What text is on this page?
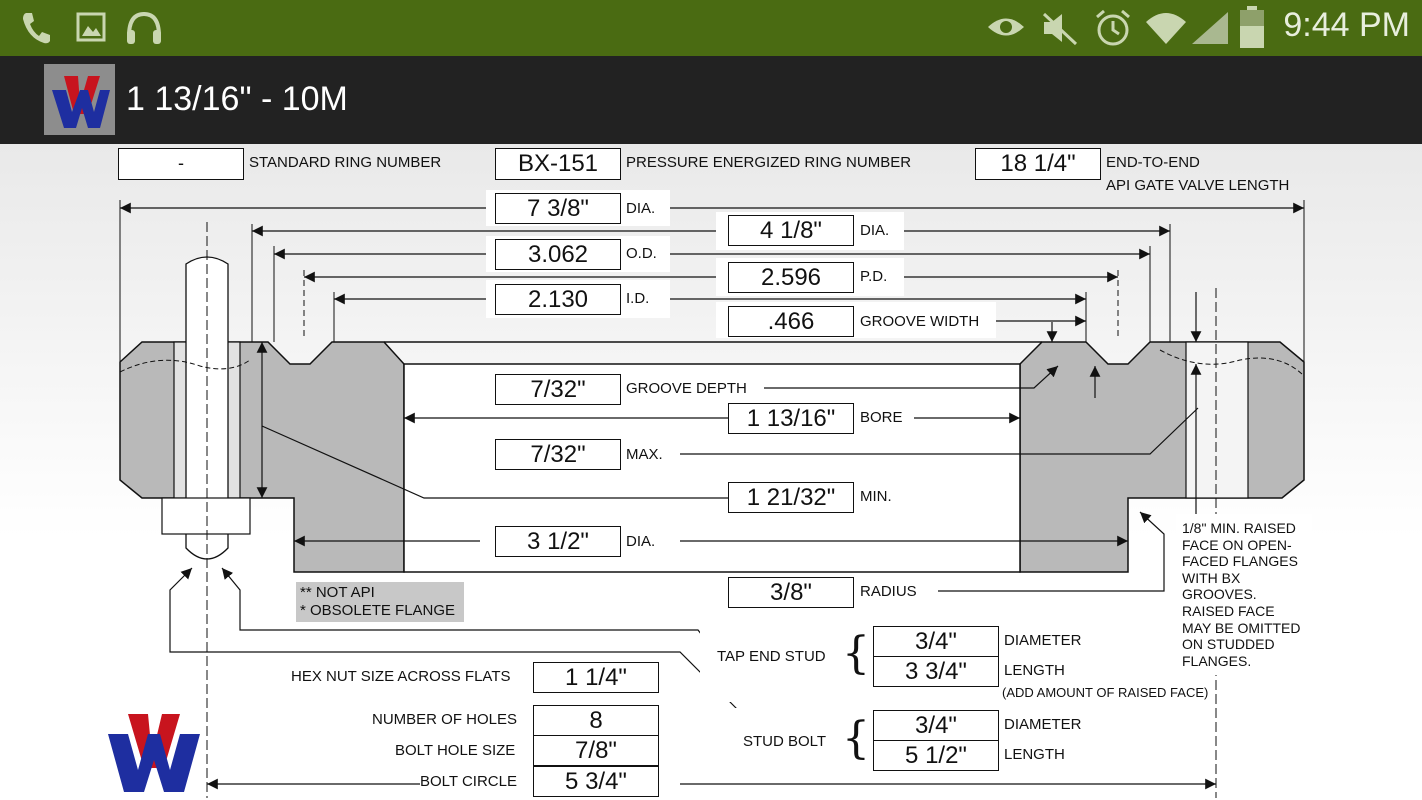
9:44 PM
1 13/16" - 10M
-	STANDARD RING NUMBER	BX-151	PRESSURE ENERGIZED RING NUMBER	18 1/4"	END-TO-END
API GATE VALVE LENGTH
7 3/8"	DIA.
4 1/8"	DIA.
3.062	O.D.
2.596	P.D.
2.130	I.D.
.466	GROOVE WIDTH
7/32"	GROOVE DEPTH
1 13/16"	BORE
7/32"	MAX.
1 21/32"	MIN.
3 1/2"	DIA.
3/8"	RADIUS
** NOT API
* OBSOLETE FLANGE
1/8" MIN. RAISED FACE ON OPEN-FACED FLANGES WITH BX GROOVES. RAISED FACE MAY BE OMITTED ON STUDDED FLANGES.
TAP END STUD {	3/4"	DIAMETER
3 3/4"	LENGTH
(ADD AMOUNT OF RAISED FACE)
STUD BOLT {	3/4"	DIAMETER
5 1/2"	LENGTH
HEX NUT SIZE ACROSS FLATS	1 1/4"
NUMBER OF HOLES	8
BOLT HOLE SIZE	7/8"
BOLT CIRCLE	5 3/4"
